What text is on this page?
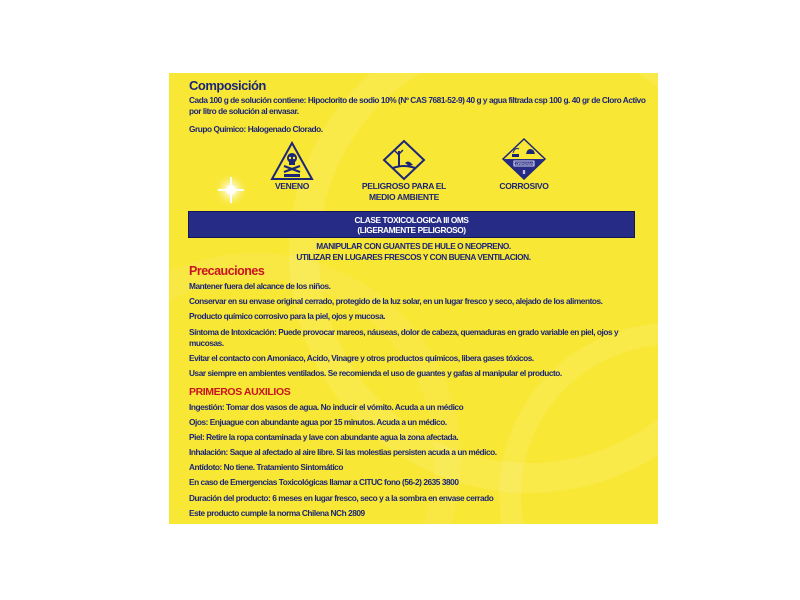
Composición
Cada 100 g de solución contiene: Hipoclorito de sodio 10% (Nº CAS 7681-52-9) 40 g y agua filtrada csp 100 g. 40 gr de Cloro Activo por litro de solución al envasar.
Grupo Químico: Halogenado Clorado.
VENENO	PELIGROSO PARA EL
MEDIO AMBIENTE
CORROSIVO
8
CORROSIVO
CLASE TOXICOLOGICA III OMS
(LIGERAMENTE PELIGROSO)
MANIPULAR CON GUANTES DE HULE O NEOPRENO.
UTILIZAR EN LUGARES FRESCOS Y CON BUENA VENTILACION.
Precauciones
Mantener fuera del alcance de los niños.
Conservar en su envase original cerrado, protegido de la luz solar, en un lugar fresco y seco, alejado de los alimentos.
Producto químico corrosivo para la piel, ojos y mucosa.
Síntoma de Intoxicación: Puede provocar mareos, náuseas, dolor de cabeza, quemaduras en grado variable en piel, ojos y mucosas.
Evitar el contacto con Amoniaco, Acido, Vinagre y otros productos químicos, libera gases tóxicos.
Usar siempre en ambientes ventilados. Se recomienda el uso de guantes y gafas al manipular el producto.
PRIMEROS AUXILIOS
Ingestión: Tomar dos vasos de agua. No inducir el vómito. Acuda a un médico
Ojos: Enjuague con abundante agua por 15 minutos. Acuda a un médico.
Piel: Retire la ropa contaminada y lave con abundante agua la zona afectada.
Inhalación: Saque al afectado al aire libre. Si las molestias persisten acuda a un médico.
Antídoto: No tiene. Tratamiento Sintomático
En caso de Emergencias Toxicológicas llamar a CITUC fono (56-2) 2635 3800
Duración del producto: 6 meses en lugar fresco, seco y a la sombra en envase cerrado
Este producto cumple la norma Chilena NCh 2809
